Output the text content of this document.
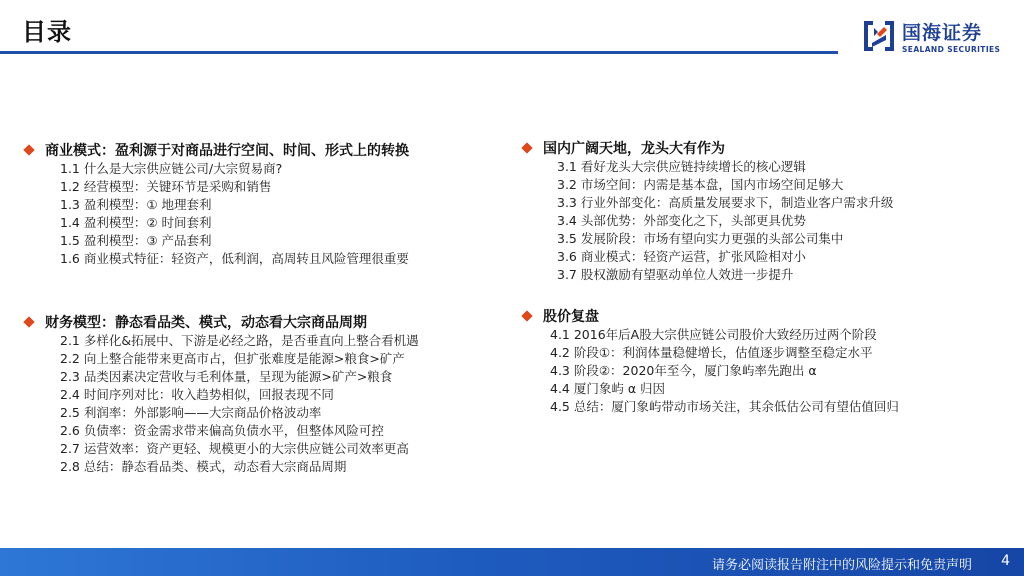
目录	国海证券
SEALAND SECURITIES
商业模式：盈利源于对商品进行空间、时间、形式上的转换
1.1 什么是大宗供应链公司/大宗贸易商?
1.2 经营模型：关键环节是采购和销售
1.3 盈利模型：① 地理套利
1.4 盈利模型：② 时间套利
1.5 盈利模型：③ 产品套利
1.6 商业模式特征：轻资产，低利润，高周转且风险管理很重要
财务模型：静态看品类、模式，动态看大宗商品周期
2.1 多样化&拓展中、下游是必经之路，是否垂直向上整合看机遇
2.2 向上整合能带来更高市占，但扩张难度是能源>粮食>矿产
2.3 品类因素决定营收与毛利体量，呈现为能源>矿产>粮食
2.4 时间序列对比：收入趋势相似，回报表现不同
2.5 利润率：外部影响——大宗商品价格波动率
2.6 负债率：资金需求带来偏高负债水平，但整体风险可控
2.7 运营效率：资产更轻、规模更小的大宗供应链公司效率更高
2.8 总结：静态看品类、模式，动态看大宗商品周期
国内广阔天地，龙头大有作为
3.1 看好龙头大宗供应链持续增长的核心逻辑
3.2 市场空间：内需是基本盘，国内市场空间足够大
3.3 行业外部变化：高质量发展要求下，制造业客户需求升级
3.4 头部优势：外部变化之下，头部更具优势
3.5 发展阶段：市场有望向实力更强的头部公司集中
3.6 商业模式：轻资产运营，扩张风险相对小
3.7 股权激励有望驱动单位人效进一步提升
股价复盘
4.1 2016年后A股大宗供应链公司股价大致经历过两个阶段
4.2 阶段①：利润体量稳健增长，估值逐步调整至稳定水平
4.3 阶段②：2020年至今，厦门象屿率先跑出 α
4.4 厦门象屿 α 归因
4.5 总结：厦门象屿带动市场关注，其余低估公司有望估值回归
请务必阅读报告附注中的风险提示和免责声明 4
